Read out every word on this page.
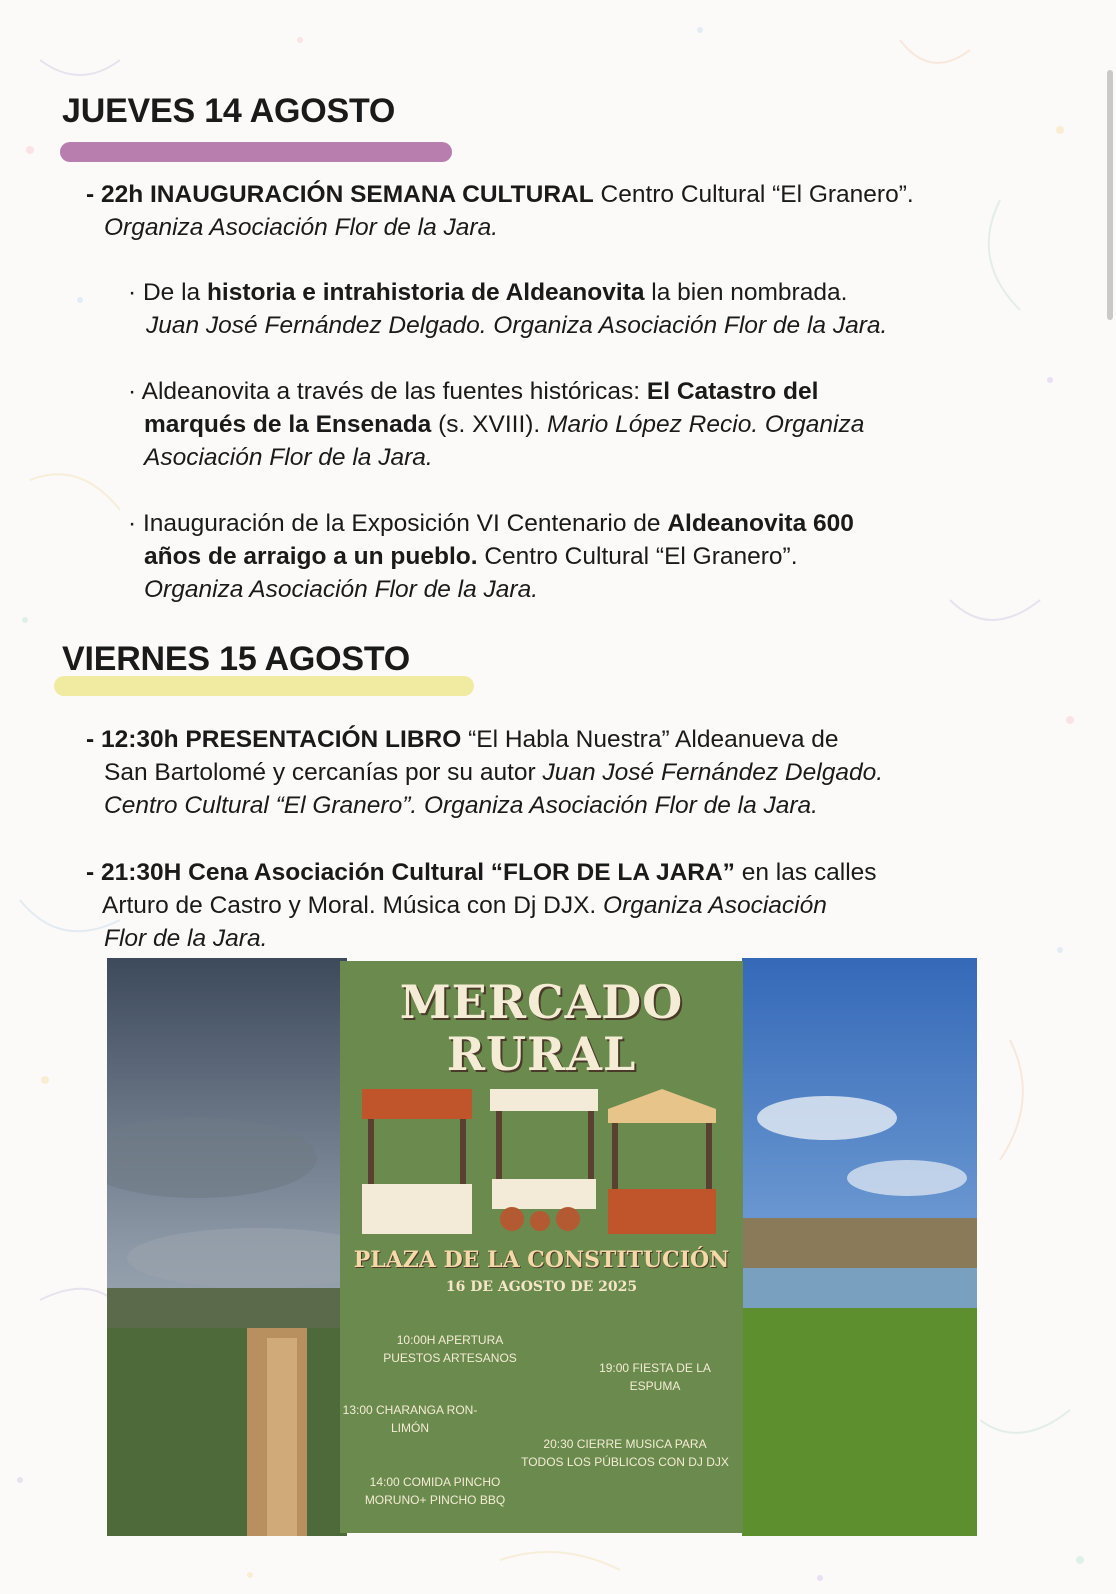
JUEVES 14 AGOSTO
- 22h INAUGURACIÓN SEMANA CULTURAL Centro Cultural “El Granero”.
Organiza Asociación Flor de la Jara.
· De la historia e intrahistoria de Aldeanovita la bien nombrada.
Juan José Fernández Delgado. Organiza Asociación Flor de la Jara.
· Aldeanovita a través de las fuentes históricas: El Catastro del
marqués de la Ensenada (s. XVIII). Mario López Recio. Organiza
Asociación Flor de la Jara.
· Inauguración de la Exposición VI Centenario de Aldeanovita 600
años de arraigo a un pueblo. Centro Cultural “El Granero”.
Organiza Asociación Flor de la Jara.
VIERNES 15 AGOSTO
- 12:30h PRESENTACIÓN LIBRO “El Habla Nuestra” Aldeanueva de
San Bartolomé y cercanías por su autor Juan José Fernández Delgado.
Centro Cultural “El Granero”. Organiza Asociación Flor de la Jara.
- 21:30H Cena Asociación Cultural “FLOR DE LA JARA” en las calles
Arturo de Castro y Moral. Música con Dj DJX. Organiza Asociación
Flor de la Jara.
MERCADO
RURAL
PLAZA DE LA CONSTITUCIÓN
16 DE AGOSTO DE 2025
10:00H APERTURA
PUESTOS ARTESANOS
19:00 FIESTA DE LA
ESPUMA
13:00 CHARANGA RON-
LIMÓN
20:30 CIERRE MUSICA PARA
TODOS LOS PÚBLICOS CON DJ DJX
14:00 COMIDA PINCHO
MORUNO+ PINCHO BBQ
